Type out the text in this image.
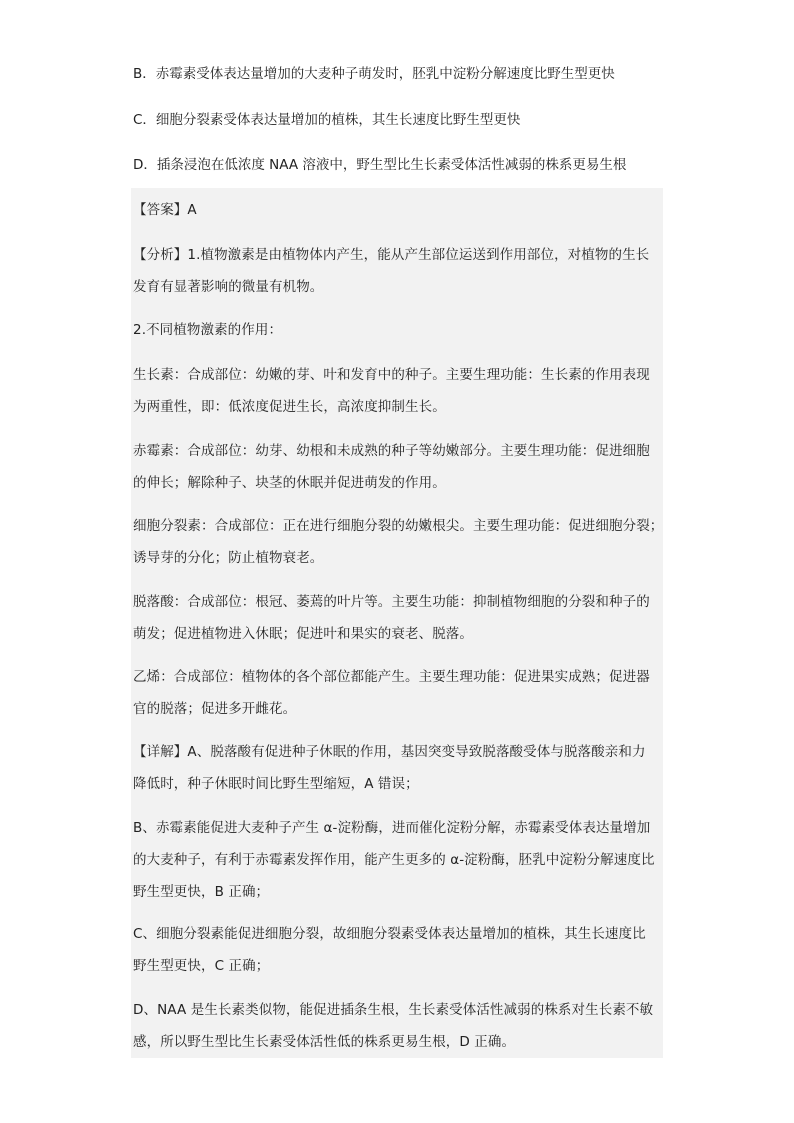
B．赤霉素受体表达量增加的大麦种子萌发时，胚乳中淀粉分解速度比野生型更快
C．细胞分裂素受体表达量增加的植株，其生长速度比野生型更快
D．插条浸泡在低浓度 NAA 溶液中，野生型比生长素受体活性减弱的株系更易生根
【答案】A
【分析】1.植物激素是由植物体内产生，能从产生部位运送到作用部位，对植物的生长
发育有显著影响的微量有机物。
2.不同植物激素的作用：
生长素：合成部位：幼嫩的芽、叶和发育中的种子。主要生理功能：生长素的作用表现
为两重性，即：低浓度促进生长，高浓度抑制生长。
赤霉素：合成部位：幼芽、幼根和未成熟的种子等幼嫩部分。主要生理功能：促进细胞
的伸长；解除种子、块茎的休眠并促进萌发的作用。
细胞分裂素：合成部位：正在进行细胞分裂的幼嫩根尖。主要生理功能：促进细胞分裂；
诱导芽的分化；防止植物衰老。
脱落酸：合成部位：根冠、萎蔫的叶片等。主要生功能：抑制植物细胞的分裂和种子的
萌发；促进植物进入休眠；促进叶和果实的衰老、脱落。
乙烯：合成部位：植物体的各个部位都能产生。主要生理功能：促进果实成熟；促进器
官的脱落；促进多开雌花。
【详解】A、脱落酸有促进种子休眠的作用，基因突变导致脱落酸受体与脱落酸亲和力
降低时，种子休眠时间比野生型缩短，A 错误；
B、赤霉素能促进大麦种子产生 α-淀粉酶，进而催化淀粉分解，赤霉素受体表达量增加
的大麦种子，有利于赤霉素发挥作用，能产生更多的 α-淀粉酶，胚乳中淀粉分解速度比
野生型更快，B 正确；
C、细胞分裂素能促进细胞分裂，故细胞分裂素受体表达量增加的植株，其生长速度比
野生型更快，C 正确；
D、NAA 是生长素类似物，能促进插条生根，生长素受体活性减弱的株系对生长素不敏
感，所以野生型比生长素受体活性低的株系更易生根，D 正确。
